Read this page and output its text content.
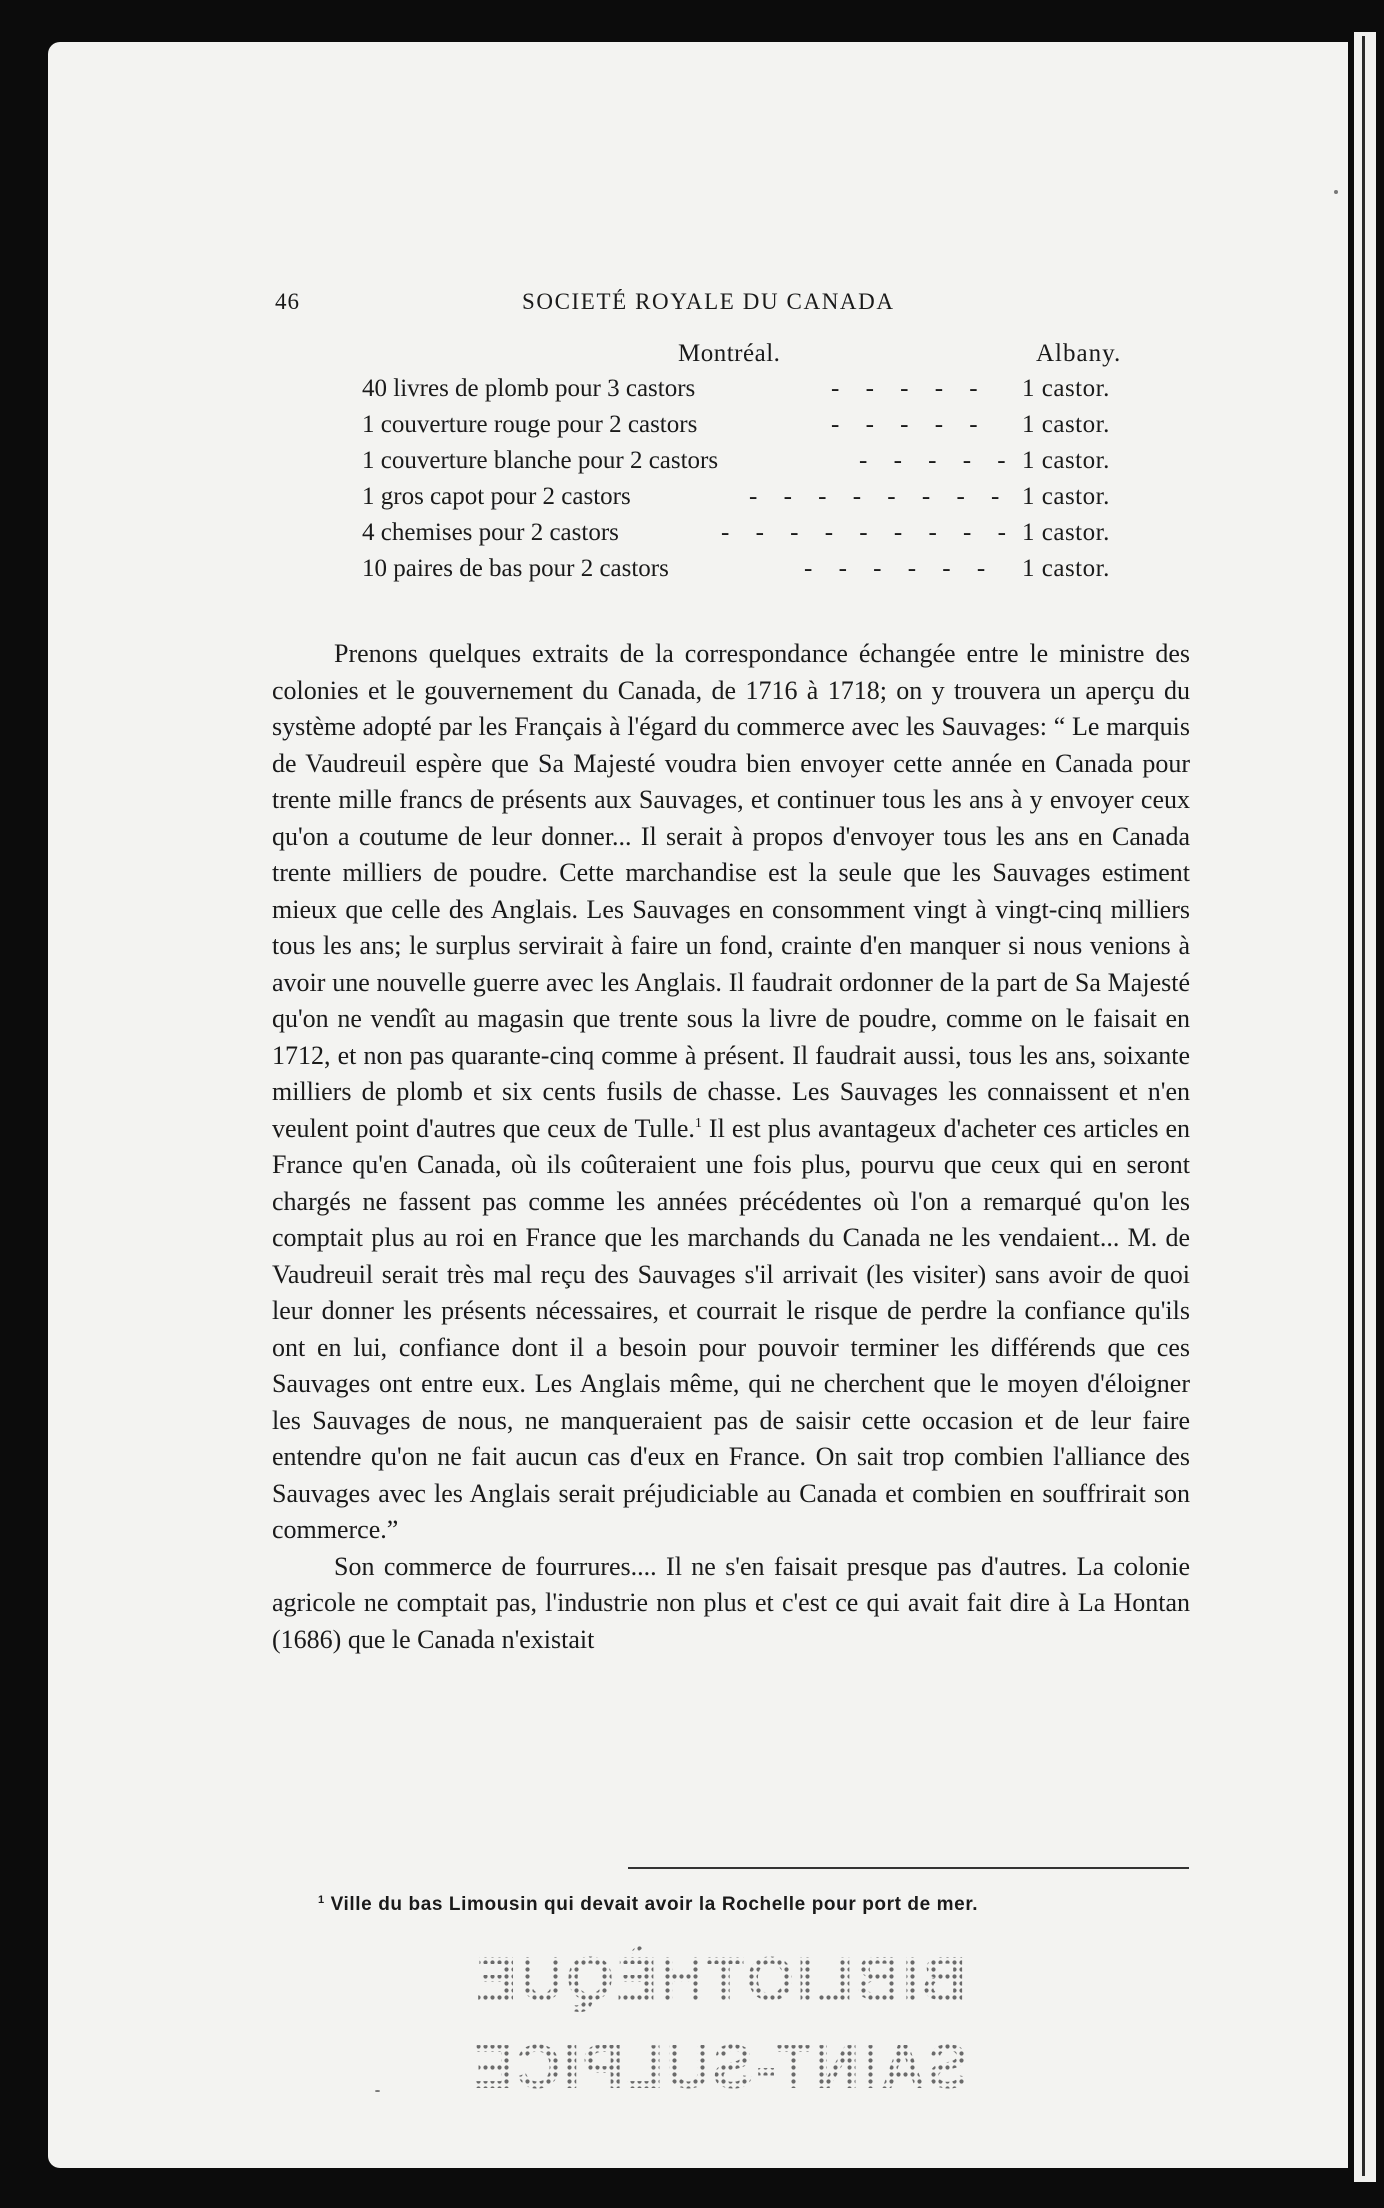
46	SOCIETÉ ROYALE DU CANADA
Montréal.	Albany.
40 livres de plomb pour 3 castors	- - - - - 1 castor.
1 couverture rouge pour 2 castors	- - - - - 1 castor.
1 couverture blanche pour 2 castors	- - - - - 1 castor.
1 gros capot pour 2 castors	- - - - - - - - 1 castor.
4 chemises pour 2 castors	- - - - - - - - - 1 castor.
10 paires de bas pour 2 castors	- - - - - - 1 castor.

Prenons quelques extraits de la correspondance échangée entre le ministre des colonies et le gouvernement du Canada, de 1716 à 1718; on y trouvera un aperçu du système adopté par les Français à l'égard du commerce avec les Sauvages: “ Le marquis de Vaudreuil espère que Sa Majesté voudra bien envoyer cette année en Canada pour trente mille francs de présents aux Sauvages, et continuer tous les ans à y envoyer ceux qu'on a coutume de leur donner... Il serait à propos d'envoyer tous les ans en Canada trente milliers de poudre. Cette marchandise est la seule que les Sauvages estiment mieux que celle des Anglais. Les Sauvages en consomment vingt à vingt-cinq milliers tous les ans; le surplus servirait à faire un fond, crainte d'en manquer si nous venions à avoir une nouvelle guerre avec les Anglais. Il faudrait ordonner de la part de Sa Majesté qu'on ne vendît au magasin que trente sous la livre de poudre, comme on le faisait en 1712, et non pas quarante-cinq comme à présent. Il faudrait aussi, tous les ans, soixante milliers de plomb et six cents fusils de chasse. Les Sauvages les connaissent et n'en veulent point d'autres que ceux de Tulle.$^1$ Il est plus avantageux d'acheter ces articles en France qu'en Canada, où ils coûteraient une fois plus, pourvu que ceux qui en seront chargés ne fassent pas comme les années précédentes où l'on a remarqué qu'on les comptait plus au roi en France que les marchands du Canada ne les vendaient... M. de Vaudreuil serait très mal reçu des Sauvages s'il arrivait (les visiter) sans avoir de quoi leur donner les présents nécessaires, et courrait le risque de perdre la confiance qu'ils ont en lui, confiance dont il a besoin pour pouvoir terminer les différends que ces Sauvages ont entre eux. Les Anglais même, qui ne cherchent que le moyen d'éloigner les Sauvages de nous, ne manqueraient pas de saisir cette occasion et de leur faire entendre qu'on ne fait aucun cas d'eux en France. On sait trop combien l'alliance des Sauvages avec les Anglais serait préjudiciable au Canada et combien en souffrirait son commerce.”

Son commerce de fourrures.... Il ne s'en faisait presque pas d'autres. La colonie agricole ne comptait pas, l'industrie non plus et c'est ce qui avait fait dire à La Hontan (1686) que le Canada n'existait

$^1$ Ville du bas Limousin qui devait avoir la Rochelle pour port de mer.
BIBLIOTHÈQUE
SAINT-SULPICE
